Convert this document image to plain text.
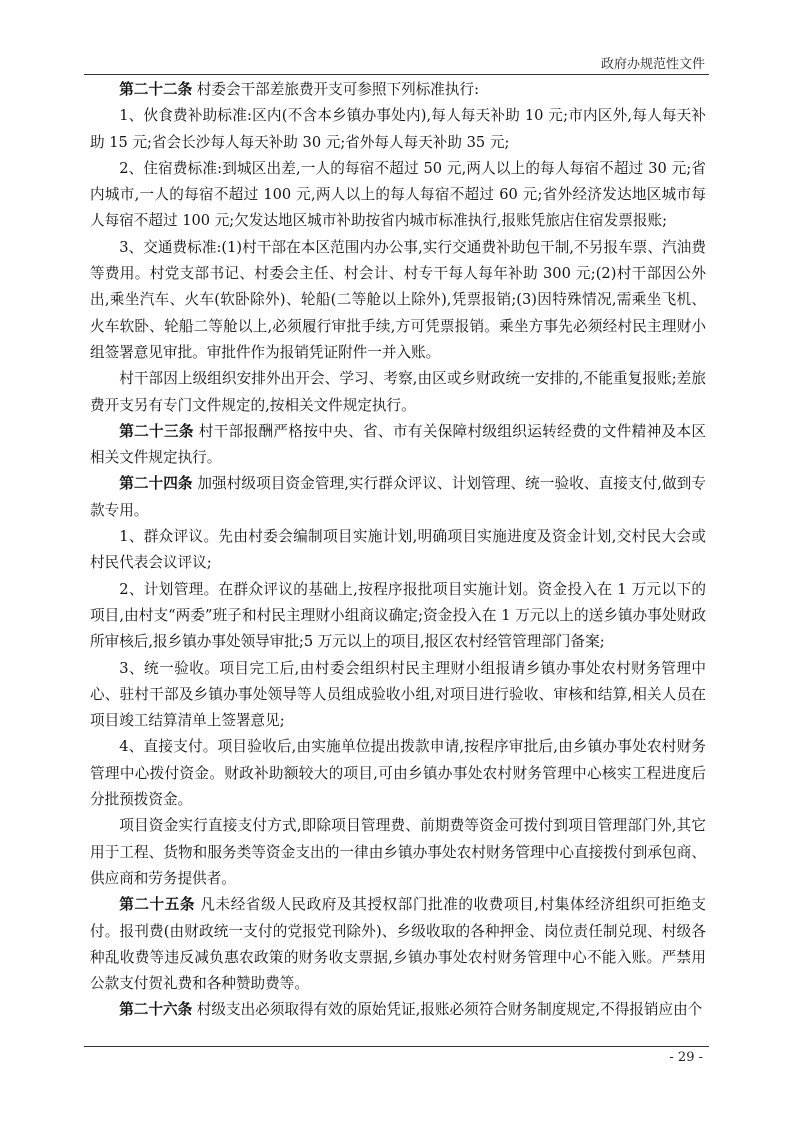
政府办规范性文件

第二十二条 村委会干部差旅费开支可参照下列标准执行:

1、伙食费补助标准:区内(不含本乡镇办事处内),每人每天补助 10 元;市内区外,每人每天补助 15 元;省会长沙每人每天补助 30 元;省外每人每天补助 35 元;

2、住宿费标准:到城区出差,一人的每宿不超过 50 元,两人以上的每人每宿不超过 30 元;省内城市,一人的每宿不超过 100 元,两人以上的每人每宿不超过 60 元;省外经济发达地区城市每人每宿不超过 100 元;欠发达地区城市补助按省内城市标准执行,报账凭旅店住宿发票报账;

3、交通费标准:(1)村干部在本区范围内办公事,实行交通费补助包干制,不另报车票、汽油费等费用。村党支部书记、村委会主任、村会计、村专干每人每年补助 300 元;(2)村干部因公外出,乘坐汽车、火车(软卧除外)、轮船(二等舱以上除外),凭票报销;(3)因特殊情况,需乘坐飞机、火车软卧、轮船二等舱以上,必须履行审批手续,方可凭票报销。乘坐方事先必须经村民主理财小组签署意见审批。审批件作为报销凭证附件一并入账。

村干部因上级组织安排外出开会、学习、考察,由区或乡财政统一安排的,不能重复报账;差旅费开支另有专门文件规定的,按相关文件规定执行。

第二十三条 村干部报酬严格按中央、省、市有关保障村级组织运转经费的文件精神及本区相关文件规定执行。

第二十四条 加强村级项目资金管理,实行群众评议、计划管理、统一验收、直接支付,做到专款专用。

1、群众评议。先由村委会编制项目实施计划,明确项目实施进度及资金计划,交村民大会或村民代表会议评议;

2、计划管理。在群众评议的基础上,按程序报批项目实施计划。资金投入在 1 万元以下的项目,由村支“两委”班子和村民主理财小组商议确定;资金投入在 1 万元以上的送乡镇办事处财政所审核后,报乡镇办事处领导审批;5 万元以上的项目,报区农村经管管理部门备案;

3、统一验收。项目完工后,由村委会组织村民主理财小组报请乡镇办事处农村财务管理中心、驻村干部及乡镇办事处领导等人员组成验收小组,对项目进行验收、审核和结算,相关人员在项目竣工结算清单上签署意见;

4、直接支付。项目验收后,由实施单位提出拨款申请,按程序审批后,由乡镇办事处农村财务管理中心拨付资金。财政补助额较大的项目,可由乡镇办事处农村财务管理中心核实工程进度后分批预拨资金。

项目资金实行直接支付方式,即除项目管理费、前期费等资金可拨付到项目管理部门外,其它用于工程、货物和服务类等资金支出的一律由乡镇办事处农村财务管理中心直接拨付到承包商、供应商和劳务提供者。

第二十五条 凡未经省级人民政府及其授权部门批准的收费项目,村集体经济组织可拒绝支付。报刊费(由财政统一支付的党报党刊除外)、乡级收取的各种押金、岗位责任制兑现、村级各种乱收费等违反减负惠农政策的财务收支票据,乡镇办事处农村财务管理中心不能入账。严禁用公款支付贺礼费和各种赞助费等。

第二十六条 村级支出必须取得有效的原始凭证,报账必须符合财务制度规定,不得报销应由个

- 29 -
